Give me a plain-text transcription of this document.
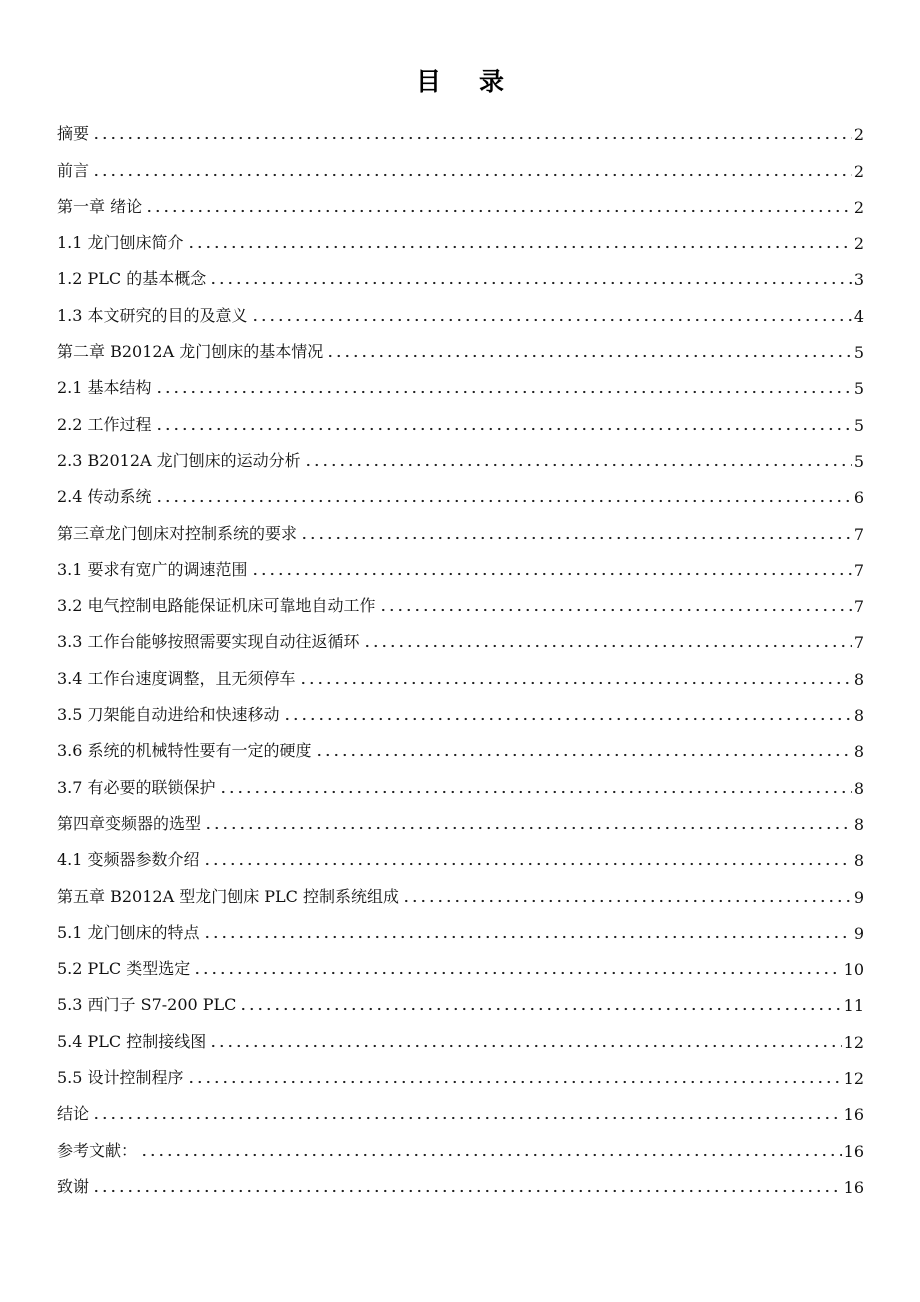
目录
摘要	2
前言	2
第一章 绪论	2
1.1 龙门刨床简介	2
1.2 PLC 的基本概念	3
1.3 本文研究的目的及意义	4
第二章 B2012A 龙门刨床的基本情况	5
2.1 基本结构	5
2.2 工作过程	5
2.3 B2012A 龙门刨床的运动分析	5
2.4 传动系统	6
第三章龙门刨床对控制系统的要求	7
3.1 要求有宽广的调速范围	7
3.2 电气控制电路能保证机床可靠地自动工作	7
3.3 工作台能够按照需要实现自动往返循环	7
3.4 工作台速度调整，且无须停车	8
3.5 刀架能自动进给和快速移动	8
3.6 系统的机械特性要有一定的硬度	8
3.7 有必要的联锁保护	8
第四章变频器的选型	8
4.1 变频器参数介绍	8
第五章 B2012A 型龙门刨床 PLC 控制系统组成	9
5.1 龙门刨床的特点	9
5.2 PLC 类型选定	10
5.3 西门子 S7-200 PLC	11
5.4 PLC 控制接线图	12
5.5 设计控制程序	12
结论	16
参考文献：	16
致谢	16
